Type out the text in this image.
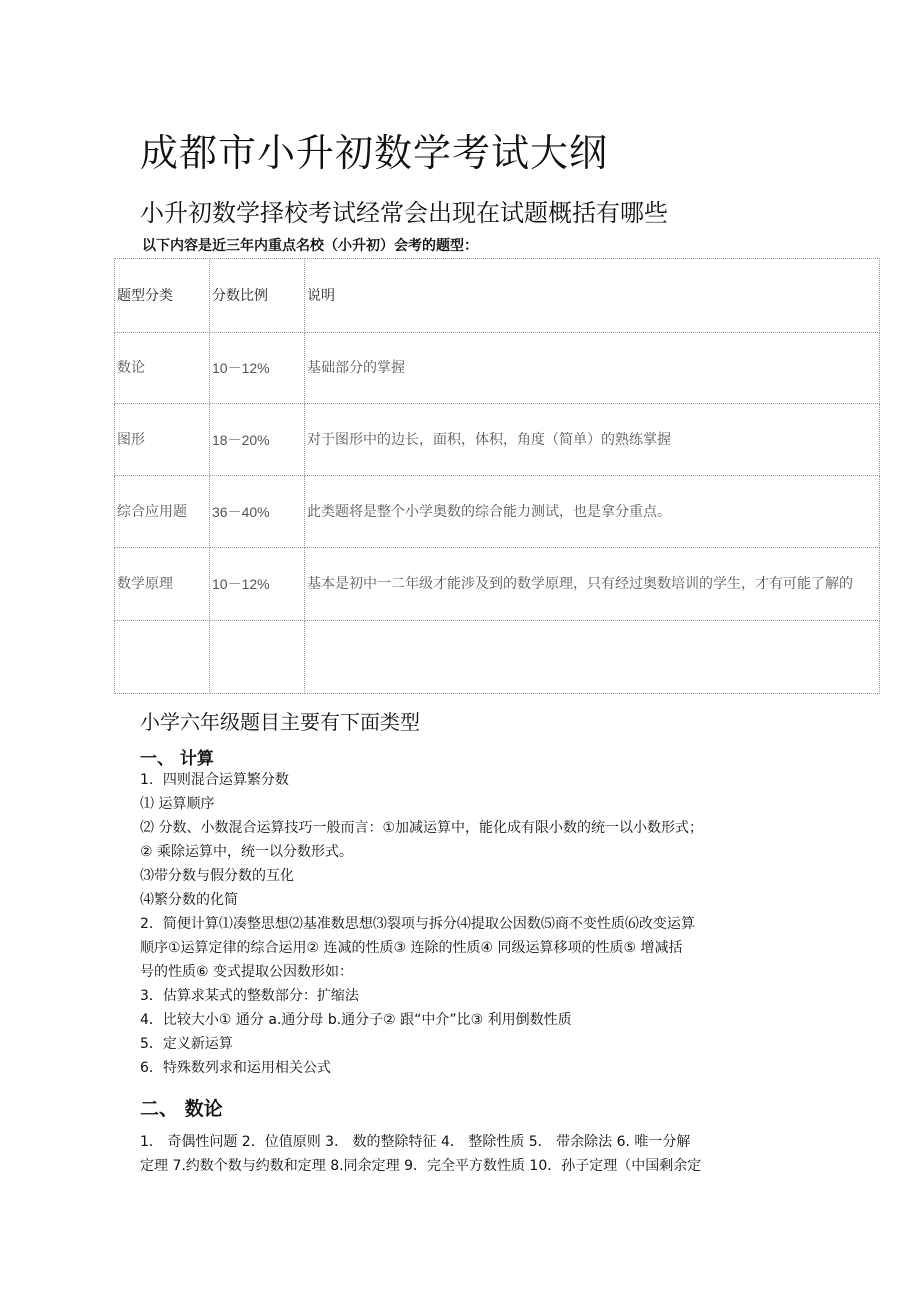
成都市小升初数学考试大纲
小升初数学择校考试经常会出现在试题概括有哪些
以下内容是近三年内重点名校（小升初）会考的题型：
题型分类	分数比例	说明
数论	10－12%	基础部分的掌握
图形	18－20%	对于图形中的边长，面积，体积，角度（简单）的熟练掌握
综合应用题	36－40%	此类题将是整个小学奥数的综合能力测试，也是拿分重点。
数学原理	10－12%	基本是初中一二年级才能涉及到的数学原理，只有经过奥数培训的学生，才有可能了解的

小学六年级题目主要有下面类型
一、 计算
1．四则混合运算繁分数
⑴ 运算顺序
⑵ 分数、小数混合运算技巧一般而言：①加减运算中，能化成有限小数的统一以小数形式；
② 乘除运算中，统一以分数形式。
⑶带分数与假分数的互化
⑷繁分数的化简
2．简便计算⑴凑整思想⑵基准数思想⑶裂项与拆分⑷提取公因数⑸商不变性质⑹改变运算
顺序①运算定律的综合运用② 连减的性质③ 连除的性质④ 同级运算移项的性质⑤ 增减括
号的性质⑥ 变式提取公因数形如：
3．估算求某式的整数部分：扩缩法
4．比较大小① 通分 a.通分母 b.通分子② 跟“中介”比③ 利用倒数性质
5．定义新运算
6．特殊数列求和运用相关公式
二、 数论
1． 奇偶性问题 2．位值原则 3． 数的整除特征 4． 整除性质 5． 带余除法 6. 唯一分解
定理 7.约数个数与约数和定理 8.同余定理 9．完全平方数性质 10．孙子定理（中国剩余定
